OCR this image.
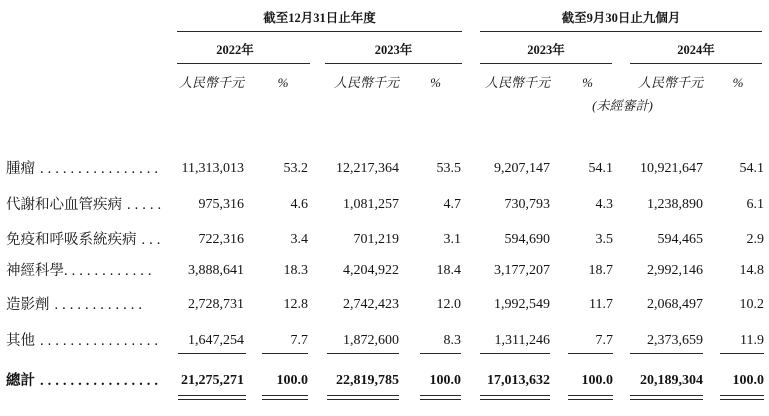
截至12月31日止年度	截至9月30日止九個月
2022年	2023年	2023年	2024年
人民幣千元	%	人民幣千元	%	人民幣千元	%	人民幣千元	%
(未經審計)
腫瘤 ................	11,313,013	53.2	12,217,364	53.5	9,207,147	54.1	10,921,647	54.1
代謝和心血管疾病 .....	975,316	4.6	1,081,257	4.7	730,793	4.3	1,238,890	6.1
免疫和呼吸系統疾病 ...	722,316	3.4	701,219	3.1	594,690	3.5	594,465	2.9
神經科學............	3,888,641	18.3	4,204,922	18.4	3,177,207	18.7	2,992,146	14.8
造影劑 ............	2,728,731	12.8	2,742,423	12.0	1,992,549	11.7	2,068,497	10.2
其他 ................	1,647,254	7.7	1,872,600	8.3	1,311,246	7.7	2,373,659	11.9
總計 ................	21,275,271	100.0	22,819,785	100.0	17,013,632	100.0	20,189,304	100.0
